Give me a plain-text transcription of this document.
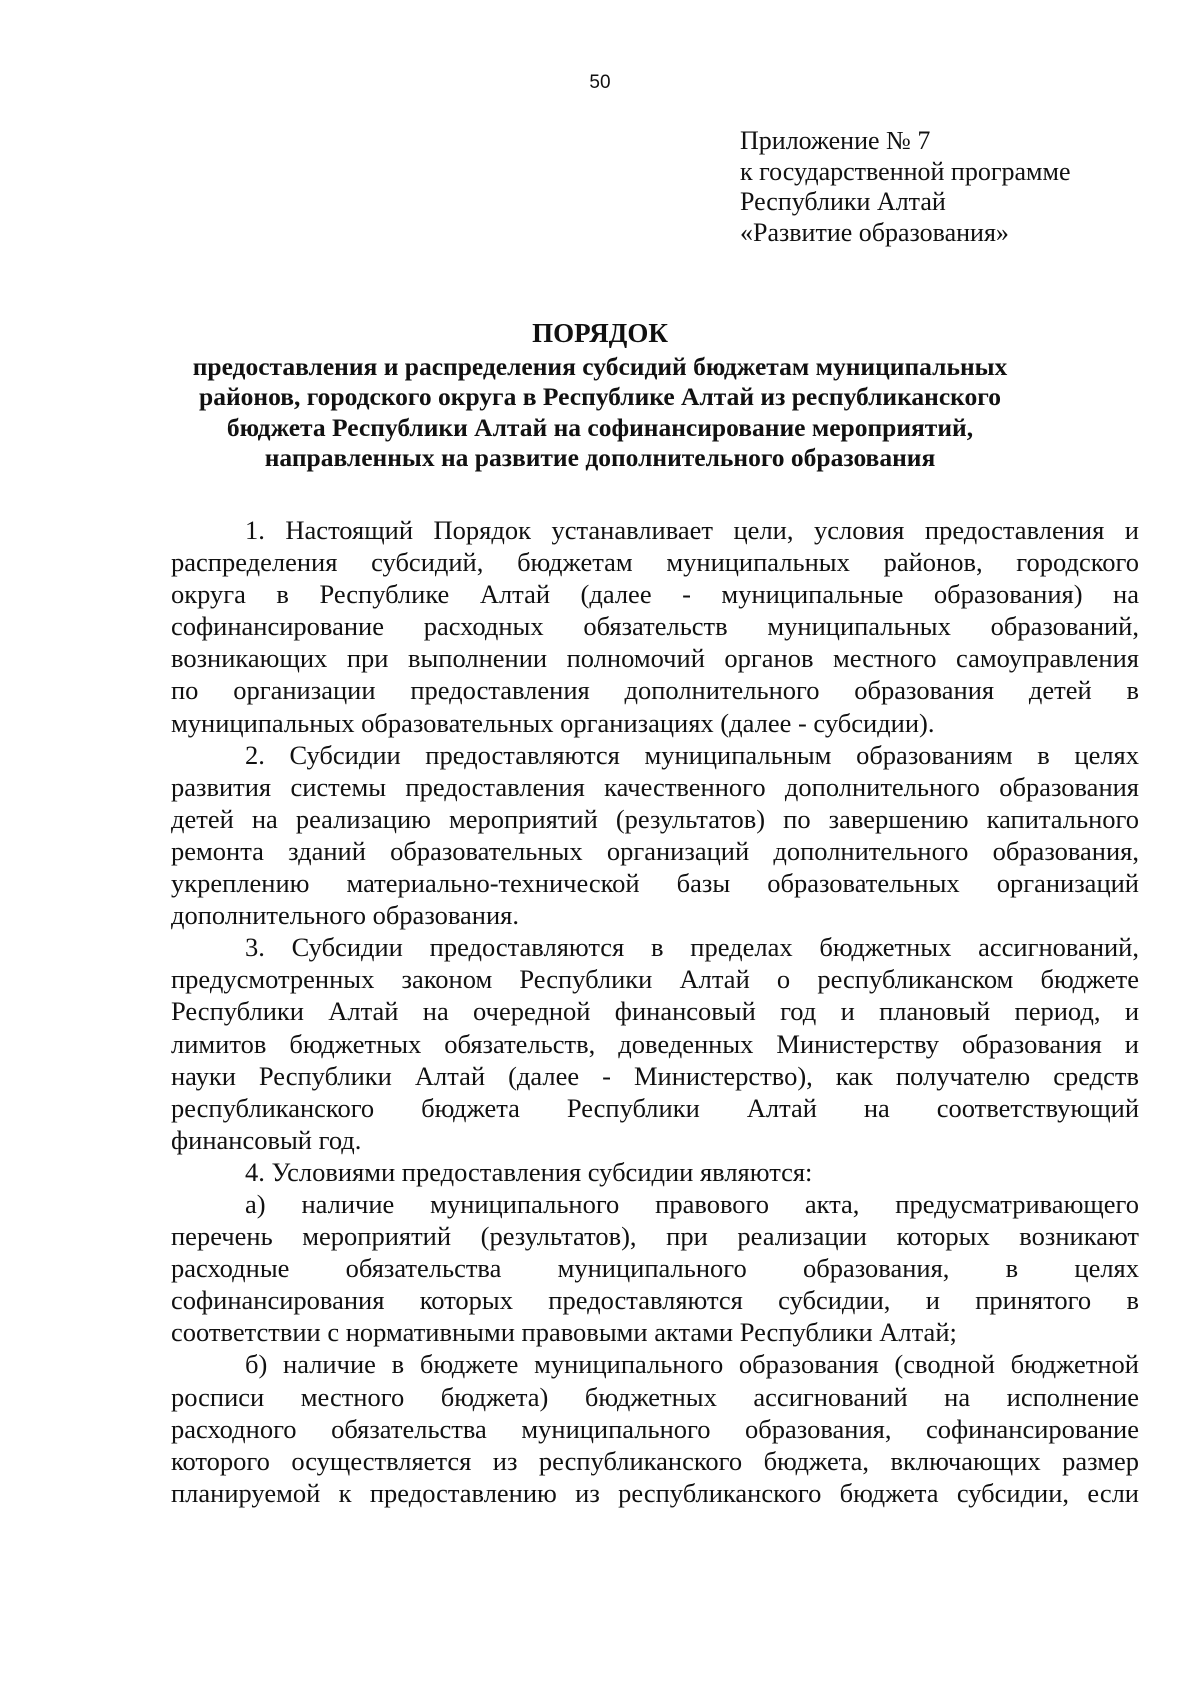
50
Приложение № 7
к государственной программе
Республики Алтай
«Развитие образования»
ПОРЯДОК
предоставления и распределения субсидий бюджетам муниципальных
районов, городского округа в Республике Алтай из республиканского
бюджета Республики Алтай на софинансирование мероприятий,
направленных на развитие дополнительного образования
1. Настоящий Порядок устанавливает цели, условия предоставления и
распределения субсидий, бюджетам муниципальных районов, городского
округа в Республике Алтай (далее - муниципальные образования) на
софинансирование расходных обязательств муниципальных образований,
возникающих при выполнении полномочий органов местного самоуправления
по организации предоставления дополнительного образования детей в
муниципальных образовательных организациях (далее - субсидии).
2. Субсидии предоставляются муниципальным образованиям в целях
развития системы предоставления качественного дополнительного образования
детей на реализацию мероприятий (результатов) по завершению капитального
ремонта зданий образовательных организаций дополнительного образования,
укреплению материально-технической базы образовательных организаций
дополнительного образования.
3. Субсидии предоставляются в пределах бюджетных ассигнований,
предусмотренных законом Республики Алтай о республиканском бюджете
Республики Алтай на очередной финансовый год и плановый период, и
лимитов бюджетных обязательств, доведенных Министерству образования и
науки Республики Алтай (далее - Министерство), как получателю средств
республиканского бюджета Республики Алтай на соответствующий
финансовый год.
4. Условиями предоставления субсидии являются:
а) наличие муниципального правового акта, предусматривающего
перечень мероприятий (результатов), при реализации которых возникают
расходные обязательства муниципального образования, в целях
софинансирования которых предоставляются субсидии, и принятого в
соответствии с нормативными правовыми актами Республики Алтай;
б) наличие в бюджете муниципального образования (сводной бюджетной
росписи местного бюджета) бюджетных ассигнований на исполнение
расходного обязательства муниципального образования, софинансирование
которого осуществляется из республиканского бюджета, включающих размер
планируемой к предоставлению из республиканского бюджета субсидии, если
